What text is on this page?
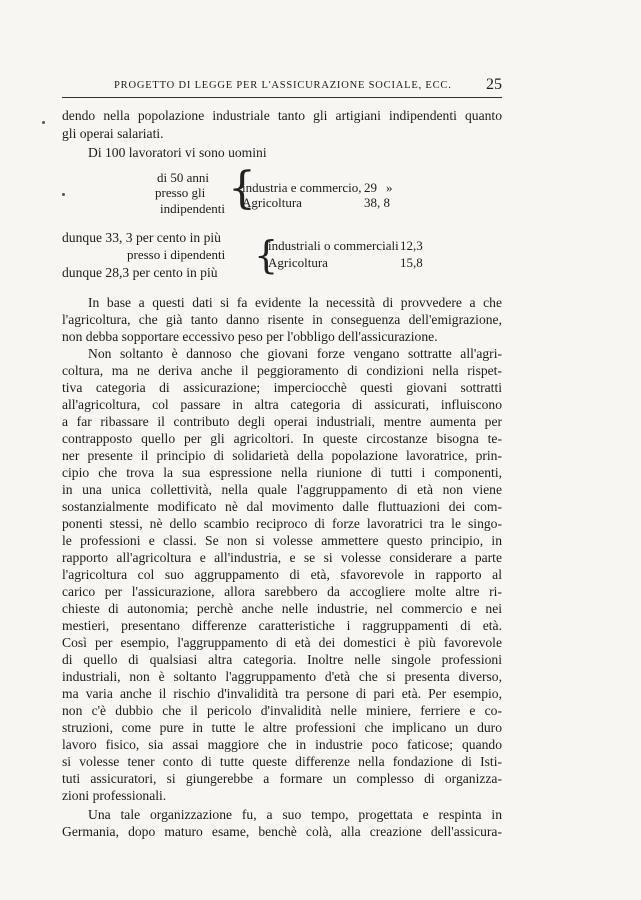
PROGETTO DI LEGGE PER L'ASSICURAZIONE SOCIALE, ECC. 25
dendo nella popolazione industriale tanto gli artigiani indipendenti quanto
gli operai salariati.
Di 100 lavoratori vi sono uomini
di 50 anni
presso gli
indipendenti {
industria e commercio, 29 »
Agricoltura	38, 8
dunque 33, 3 per cento in più
presso i dipendenti {
industriali o commerciali 12,3
Agricoltura	15,8
dunque 28,3 per cento in più
In base a questi dati si fa evidente la necessità di provvedere a che
l'agricoltura, che già tanto danno risente in conseguenza dell'emigrazione,
non debba sopportare eccessivo peso per l'obbligo dell'assicurazione.
Non soltanto è dannoso che giovani forze vengano sottratte all'agri-
coltura, ma ne deriva anche il peggioramento di condizioni nella rispet-
tiva categoria di assicurazione; imperciocchè questi giovani sottratti
all'agricoltura, col passare in altra categoria di assicurati, influiscono
a far ribassare il contributo degli operai industriali, mentre aumenta per
contrapposto quello per gli agricoltori. In queste circostanze bisogna te-
ner presente il principio di solidarietà della popolazione lavoratrice, prin-
cipio che trova la sua espressione nella riunione di tutti i componenti,
in una unica collettività, nella quale l'aggruppamento di età non viene
sostanzialmente modificato nè dal movimento dalle fluttuazioni dei com-
ponenti stessi, nè dello scambio reciproco di forze lavoratrici tra le singo-
le professioni e classi. Se non si volesse ammettere questo principio, in
rapporto all'agricoltura e all'industria, e se si volesse considerare a parte
l'agricoltura col suo aggruppamento di età, sfavorevole in rapporto al
carico per l'assicurazione, allora sarebbero da accogliere molte altre ri-
chieste di autonomia; perchè anche nelle industrie, nel commercio e nei
mestieri, presentano differenze caratteristiche i raggruppamenti di età.
Così per esempio, l'aggruppamento di età dei domestici è più favorevole
di quello di qualsiasi altra categoria. Inoltre nelle singole professioni
industriali, non è soltanto l'aggruppamento d'età che si presenta diverso,
ma varia anche il rischio d'invalidità tra persone di pari età. Per esempio,
non c'è dubbio che il pericolo d'invalidità nelle miniere, ferriere e co-
struzioni, come pure in tutte le altre professioni che implicano un duro
lavoro fisico, sia assai maggiore che in industrie poco faticose; quando
si volesse tener conto di tutte queste differenze nella fondazione di Isti-
tuti assicuratori, si giungerebbe a formare un complesso di organizza-
zioni professionali.
Una tale organizzazione fu, a suo tempo, progettata e respinta in
Germania, dopo maturo esame, benchè colà, alla creazione dell'assicura-
